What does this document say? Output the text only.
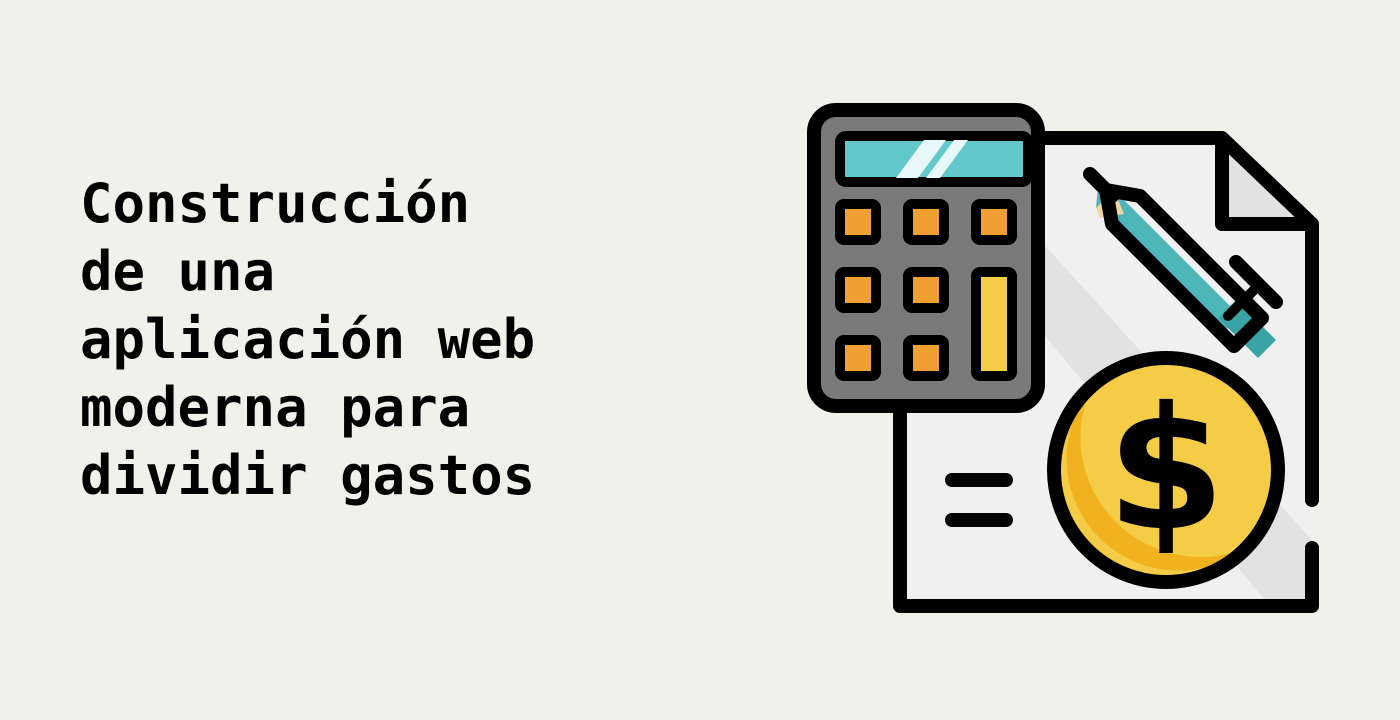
Construcción
de una
aplicación web
moderna para
dividir gastos	$
